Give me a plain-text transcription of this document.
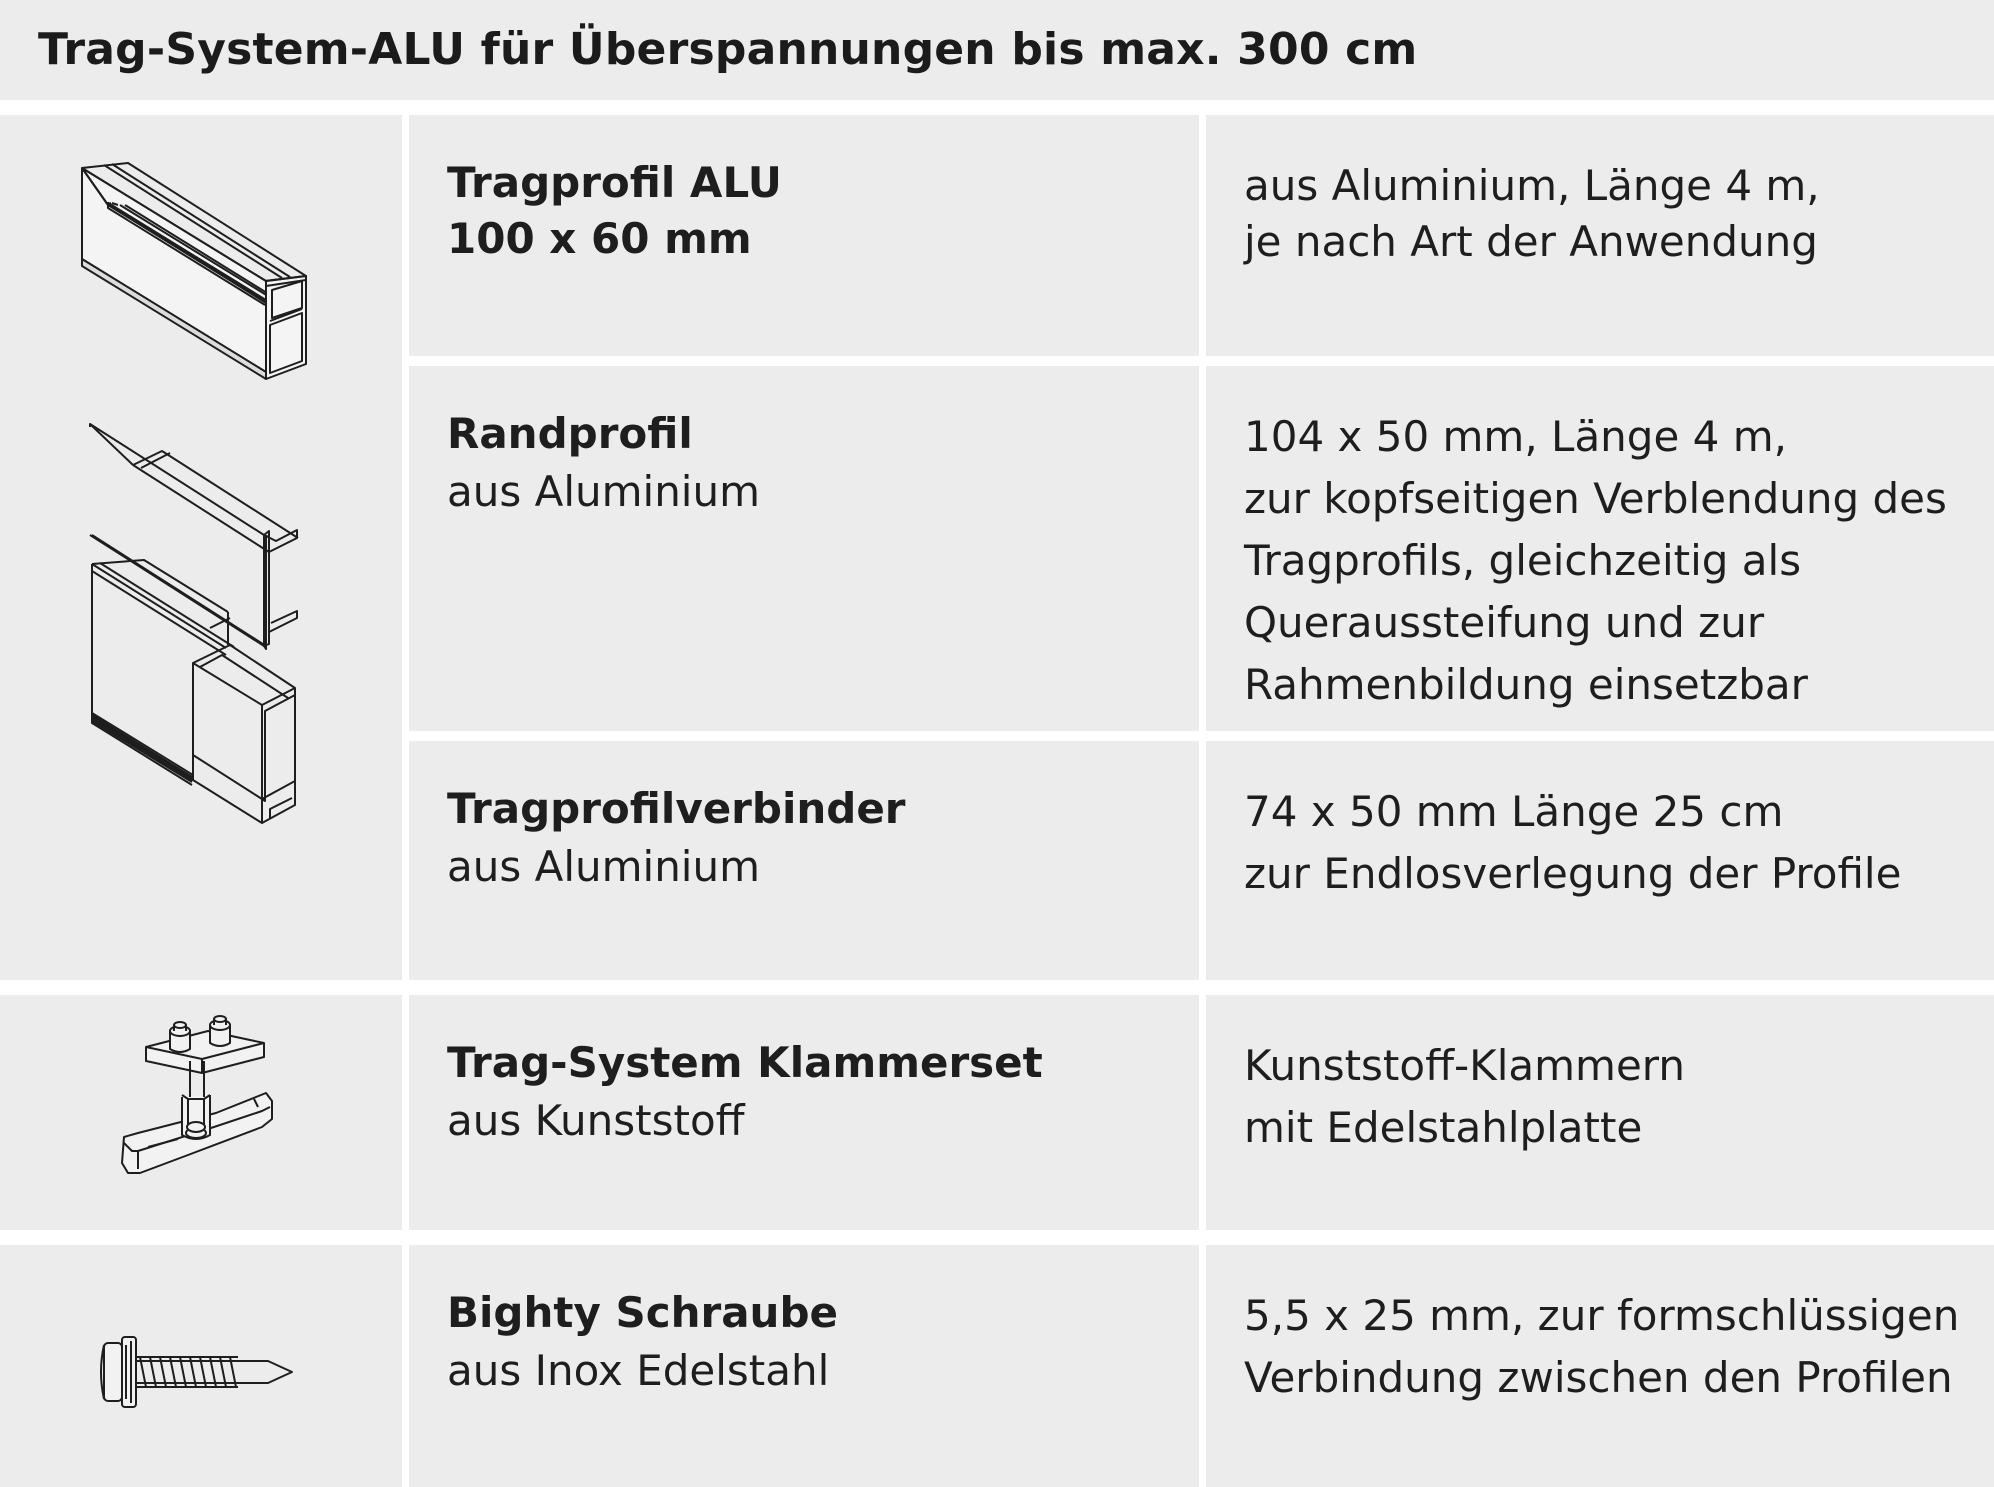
Trag-System-ALU für Überspannungen bis max. 300 cm
Tragprofil ALU
100 x 60 mm
aus Aluminium, Länge 4 m,
je nach Art der Anwendung
Randprofil
aus Aluminium
104 x 50 mm, Länge 4 m,
zur kopfseitigen Verblendung des
Tragprofils, gleichzeitig als
Queraussteifung und zur
Rahmenbildung einsetzbar
Tragprofilverbinder
aus Aluminium
74 x 50 mm Länge 25 cm
zur Endlosverlegung der Profile
Trag-System Klammerset
aus Kunststoff
Kunststoff-Klammern
mit Edelstahlplatte
Bighty Schraube
aus Inox Edelstahl
5,5 x 25 mm, zur formschlüssigen
Verbindung zwischen den Profilen
